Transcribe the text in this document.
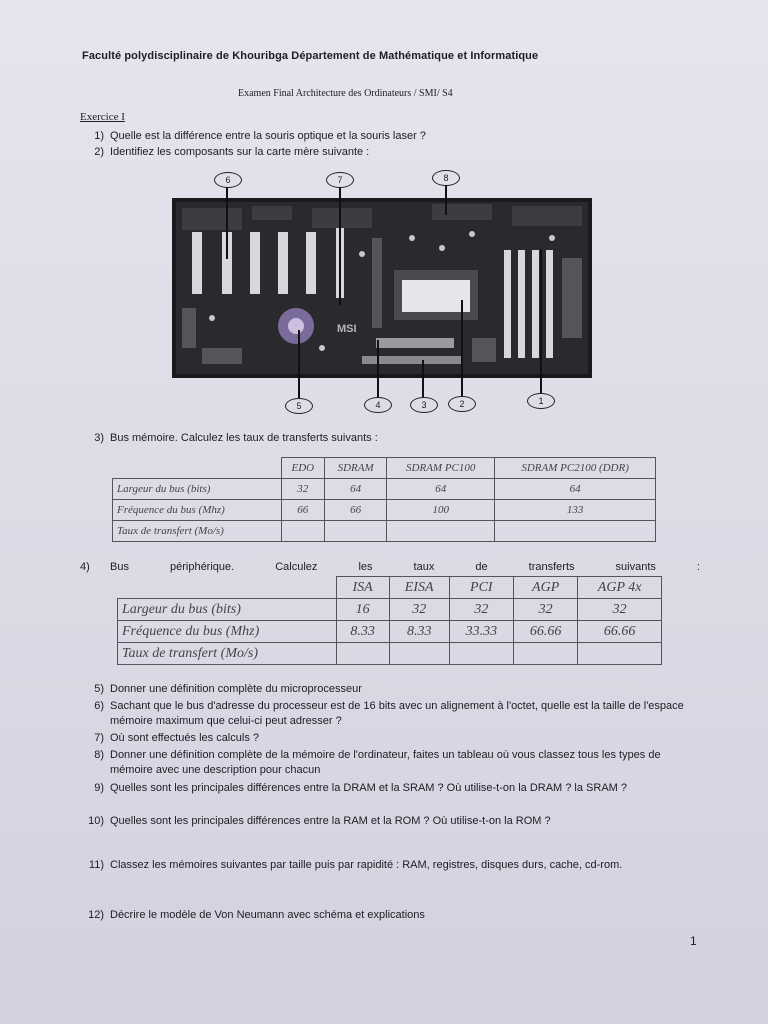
Faculté polydisciplinaire de Khouribga Département de Mathématique et Informatique
Examen Final Architecture des Ordinateurs / SMI/ S4
Exercice I
1) Quelle est la différence entre la souris optique et la souris laser ?
2) Identifiez les composants sur la carte mère suivante :
MSI
6	7	8
5	4	3	2	1
3) Bus mémoire. Calculez les taux de transferts suivants :
	EDO	SDRAM	SDRAM PC100	SDRAM PC2100 (DDR)
Largeur du bus (bits)	32	64	64	64
Fréquence du bus (Mhz)	66	66	100	133
Taux de transfert (Mo/s)				
4) Bus périphérique. Calculez les taux de transferts suivants :
	ISA	EISA	PCI	AGP	AGP 4x
Largeur du bus (bits)	16	32	32	32	32
Fréquence du bus (Mhz)	8.33	8.33	33.33	66.66	66.66
Taux de transfert (Mo/s)					
5) Donner une définition complète du microprocesseur
6) Sachant que le bus d'adresse du processeur est de 16 bits avec un alignement à l'octet, quelle est la taille de l'espace mémoire maximum que celui-ci peut adresser ?
7) Où sont effectués les calculs ?
8) Donner une définition complète de la mémoire de l'ordinateur, faites un tableau où vous classez tous les types de mémoire avec une description pour chacun
9) Quelles sont les principales différences entre la DRAM et la SRAM ? Où utilise-t-on la DRAM ? la SRAM ?
10) Quelles sont les principales différences entre la RAM et la ROM ? Où utilise-t-on la ROM ?
11) Classez les mémoires suivantes par taille puis par rapidité : RAM, registres, disques durs, cache, cd-rom.
12) Décrire le modèle de Von Neumann avec schéma et explications
1
